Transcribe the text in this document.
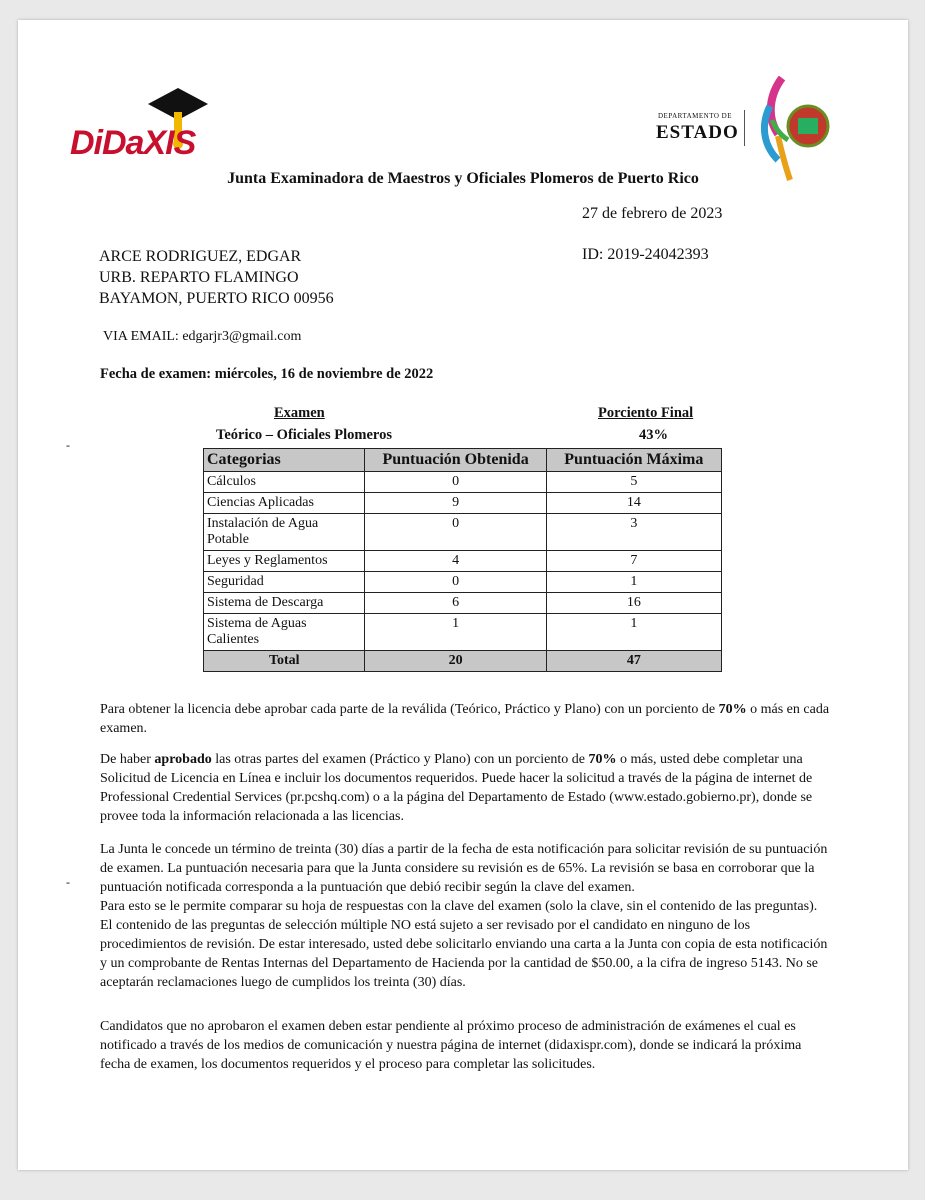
DiDaXIS
DEPARTAMENTO DE
ESTADO
Junta Examinadora de Maestros y Oficiales Plomeros de Puerto Rico
27 de febrero de 2023
ARCE RODRIGUEZ, EDGAR
URB. REPARTO FLAMINGO
BAYAMON, PUERTO RICO 00956
ID: 2019-24042393
VIA EMAIL: edgarjr3@gmail.com
Fecha de examen: miércoles, 16 de noviembre de 2022
Examen	Porciento Final
Teórico – Oficiales Plomeros	43%
-
-
Categorias	Puntuación Obtenida	Puntuación Máxima
Cálculos	0	5
Ciencias Aplicadas	9	14
Instalación de Agua Potable	0	3
Leyes y Reglamentos	4	7
Seguridad	0	1
Sistema de Descarga	6	16
Sistema de Aguas Calientes	1	1
Total	20	47

Para obtener la licencia debe aprobar cada parte de la reválida (Teórico, Práctico y Plano) con un porciento de 70% o más en cada examen.

De haber aprobado las otras partes del examen (Práctico y Plano) con un porciento de 70% o más, usted debe completar una Solicitud de Licencia en Línea e incluir los documentos requeridos. Puede hacer la solicitud a través de la página de internet de Professional Credential Services (pr.pcshq.com) o a la página del Departamento de Estado (www.estado.gobierno.pr), donde se provee toda la información relacionada a las licencias.

La Junta le concede un término de treinta (30) días a partir de la fecha de esta notificación para solicitar revisión de su puntuación de examen. La puntuación necesaria para que la Junta considere su revisión es de 65%. La revisión se basa en corroborar que la puntuación notificada corresponda a la puntuación que debió recibir según la clave del examen.

Para esto se le permite comparar su hoja de respuestas con la clave del examen (solo la clave, sin el contenido de las preguntas). El contenido de las preguntas de selección múltiple NO está sujeto a ser revisado por el candidato en ninguno de los procedimientos de revisión. De estar interesado, usted debe solicitarlo enviando una carta a la Junta con copia de esta notificación y un comprobante de Rentas Internas del Departamento de Hacienda por la cantidad de $50.00, a la cifra de ingreso 5143. No se aceptarán reclamaciones luego de cumplidos los treinta (30) días.

Candidatos que no aprobaron el examen deben estar pendiente al próximo proceso de administración de exámenes el cual es notificado a través de los medios de comunicación y nuestra página de internet (didaxispr.com), donde se indicará la próxima fecha de examen, los documentos requeridos y el proceso para completar las solicitudes.
